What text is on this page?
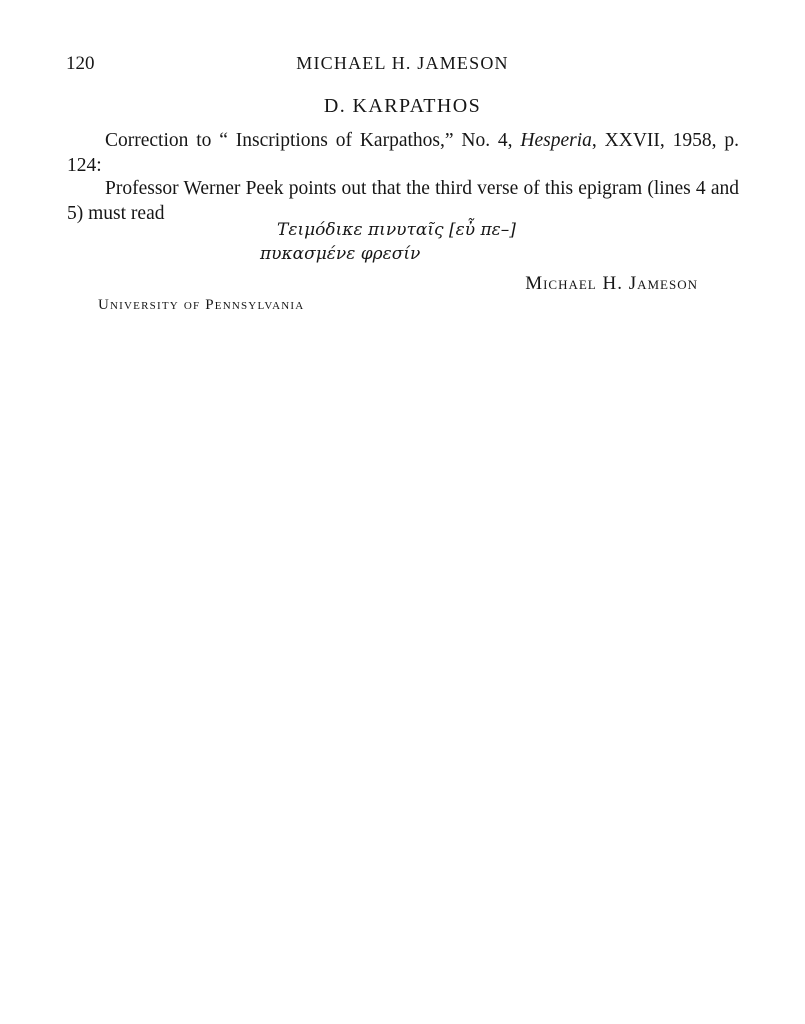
120	MICHAEL H. JAMESON
D. KARPATHOS
Correction to “ Inscriptions of Karpathos,” No. 4, Hesperia, XXVII, 1958, p. 124:
Professor Werner Peek points out that the third verse of this epigram (lines 4 and 5) must read
Τειμόδικε πινυταῖς [εὖ πε–]
πυκασμένε φρεσίν
Michael H. Jameson
University of Pennsylvania
